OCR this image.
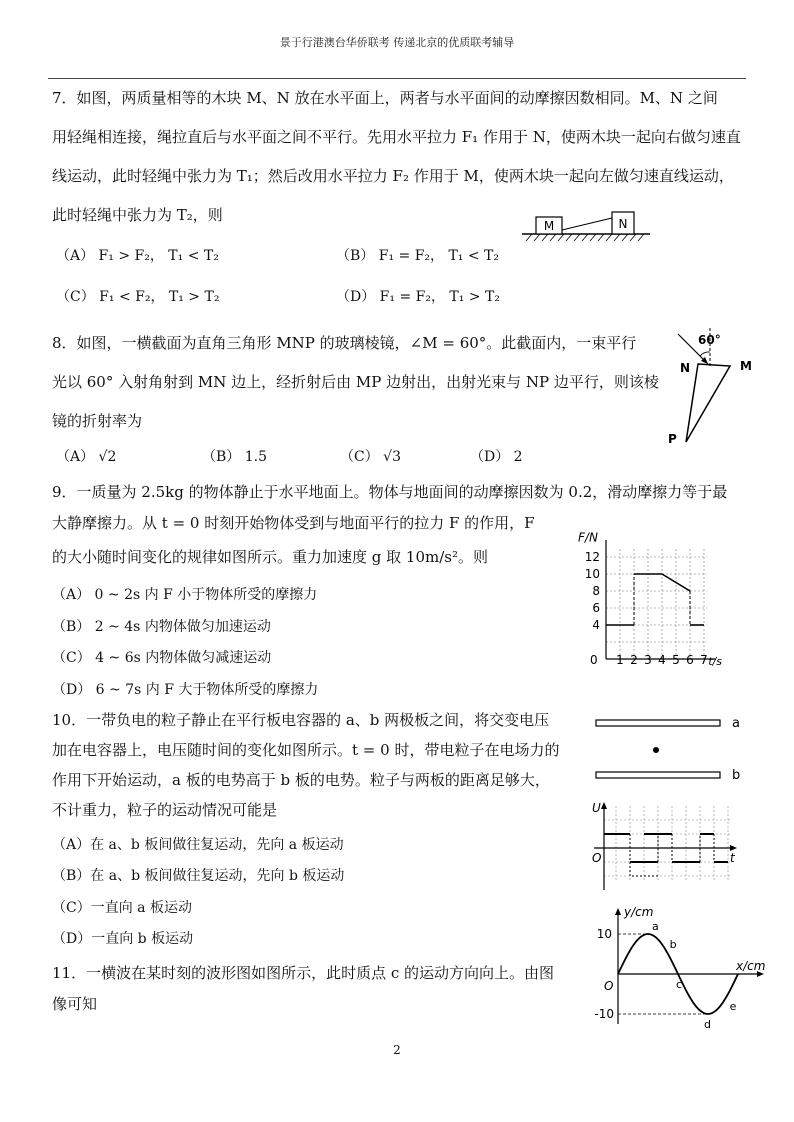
景于行港澳台华侨联考 传递北京的优质联考辅导
7．如图，两质量相等的木块 M、N 放在水平面上，两者与水平面间的动摩擦因数相同。M、N 之间
用轻绳相连接，绳拉直后与水平面之间不平行。先用水平拉力 F₁ 作用于 N，使两木块一起向右做匀速直
线运动，此时轻绳中张力为 T₁；然后改用水平拉力 F₂ 作用于 M，使两木块一起向左做匀速直线运动，
此时轻绳中张力为 T₂，则
（A） F₁ > F₂， T₁ < T₂	（B） F₁ = F₂， T₁ < T₂
（C） F₁ < F₂， T₁ > T₂	（D） F₁ = F₂， T₁ > T₂
M	N
8．如图，一横截面为直角三角形 MNP 的玻璃棱镜，∠M = 60°。此截面内，一束平行
光以 60° 入射角射到 MN 边上，经折射后由 MP 边射出，出射光束与 NP 边平行，则该棱
镜的折射率为
（A） √2	（B） 1.5	（C） √3	（D） 2
60°
N	M
P
9．一质量为 2.5kg 的物体静止于水平地面上。物体与地面间的动摩擦因数为 0.2，滑动摩擦力等于最
大静摩擦力。从 t = 0 时刻开始物体受到与地面平行的拉力 F 的作用，F
的大小随时间变化的规律如图所示。重力加速度 g 取 10m/s²。则
（A） 0 ~ 2s 内 F 小于物体所受的摩擦力
（B） 2 ~ 4s 内物体做匀加速运动
（C） 4 ~ 6s 内物体做匀减速运动
（D） 6 ~ 7s 内 F 大于物体所受的摩擦力
F/N
t/s
0
4
6
8
10
12
1 2 3 4 5 6 7
10．一带负电的粒子静止在平行板电容器的 a、b 两极板之间，将交变电压
加在电容器上，电压随时间的变化如图所示。t = 0 时，带电粒子在电场力的
作用下开始运动，a 板的电势高于 b 板的电势。粒子与两板的距离足够大，
不计重力，粒子的运动情况可能是
（A）在 a、b 板间做往复运动，先向 a 板运动
（B）在 a、b 板间做往复运动，先向 b 板运动
（C）一直向 a 板运动
（D）一直向 b 板运动
a
b
U
O	t
11．一横波在某时刻的波形图如图所示，此时质点 c 的运动方向向上。由图
像可知
y/cm
x/cm
O
10
-10
a
b
c
d
e
2
